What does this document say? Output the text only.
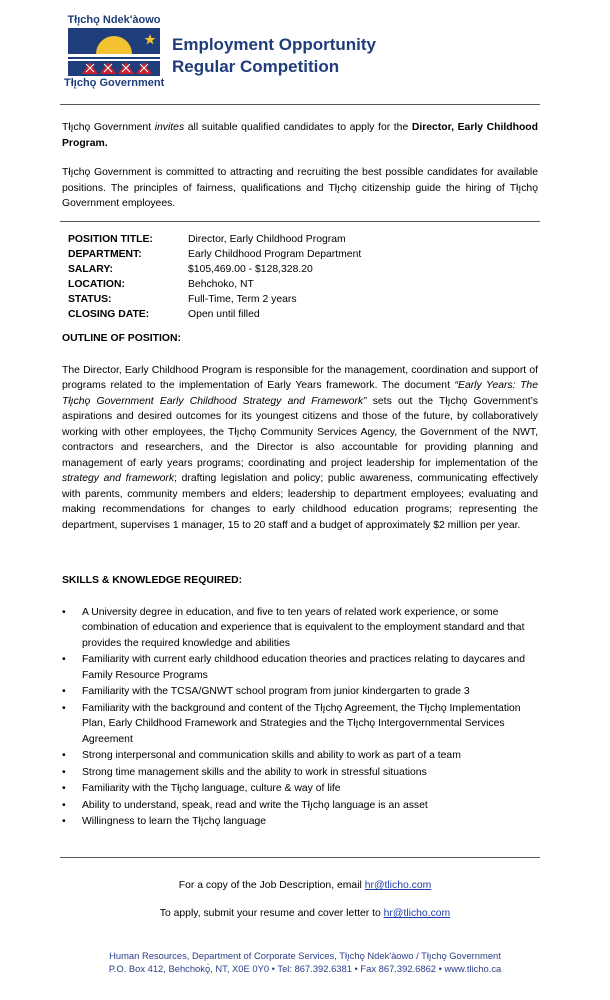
Tłı̨chǫ Ndek'àowo
Tłı̨chǫ Government
Employment Opportunity
Regular Competition

Tłı̨chǫ Government invites all suitable qualified candidates to apply for the Director, Early Childhood Program.

Tłı̨chǫ Government is committed to attracting and recruiting the best possible candidates for available positions. The principles of fairness, qualifications and Tłı̨chǫ citizenship guide the hiring of Tłı̨chǫ Government employees.

POSITION TITLE:	Director, Early Childhood Program
DEPARTMENT:	Early Childhood Program Department
SALARY:	$105,469.00 - $128,328.20
LOCATION:	Behchoko, NT
STATUS:	Full-Time, Term 2 years
CLOSING DATE:	Open until filled
OUTLINE OF POSITION:

The Director, Early Childhood Program is responsible for the management, coordination and support of programs related to the implementation of Early Years framework. The document “Early Years: The Tłı̨chǫ Government Early Childhood Strategy and Framework” sets out the Tłı̨chǫ Government’s aspirations and desired outcomes for its youngest citizens and those of the future, by collaboratively working with other employees, the Tłı̨chǫ Community Services Agency, the Government of the NWT, contractors and researchers, and the Director is also accountable for providing planning and management of early years programs; coordinating and project leadership for implementation of the strategy and framework; drafting legislation and policy; public awareness, communicating effectively with parents, community members and elders; leadership to department employees; evaluating and making recommendations for changes to early childhood education programs; representing the department, supervises 1 manager, 15 to 20 staff and a budget of approximately $2 million per year.

SKILLS & KNOWLEDGE REQUIRED:
• A University degree in education, and five to ten years of related work experience, or some combination of education and experience that is equivalent to the employment standard and that provides the required knowledge and abilities
• Familiarity with current early childhood education theories and practices relating to daycares and Family Resource Programs
• Familiarity with the TCSA/GNWT school program from junior kindergarten to grade 3
• Familiarity with the background and content of the Tłı̨chǫ Agreement, the Tłı̨chǫ Implementation Plan, Early Childhood Framework and Strategies and the Tłı̨chǫ Intergovernmental Services Agreement
• Strong interpersonal and communication skills and ability to work as part of a team
• Strong time management skills and the ability to work in stressful situations
• Familiarity with the Tłı̨chǫ language, culture & way of life
• Ability to understand, speak, read and write the Tłı̨chǫ language is an asset
• Willingness to learn the Tłı̨chǫ language
For a copy of the Job Description, email hr@tlicho.com
To apply, submit your resume and cover letter to hr@tlicho.com
Human Resources, Department of Corporate Services, Tłı̨chǫ Ndek'àowo / Tłı̨chǫ Government
P.O. Box 412, Behchokǫ̀, NT, X0E 0Y0 • Tel: 867.392.6381 • Fax 867.392.6862 • www.tlicho.ca
